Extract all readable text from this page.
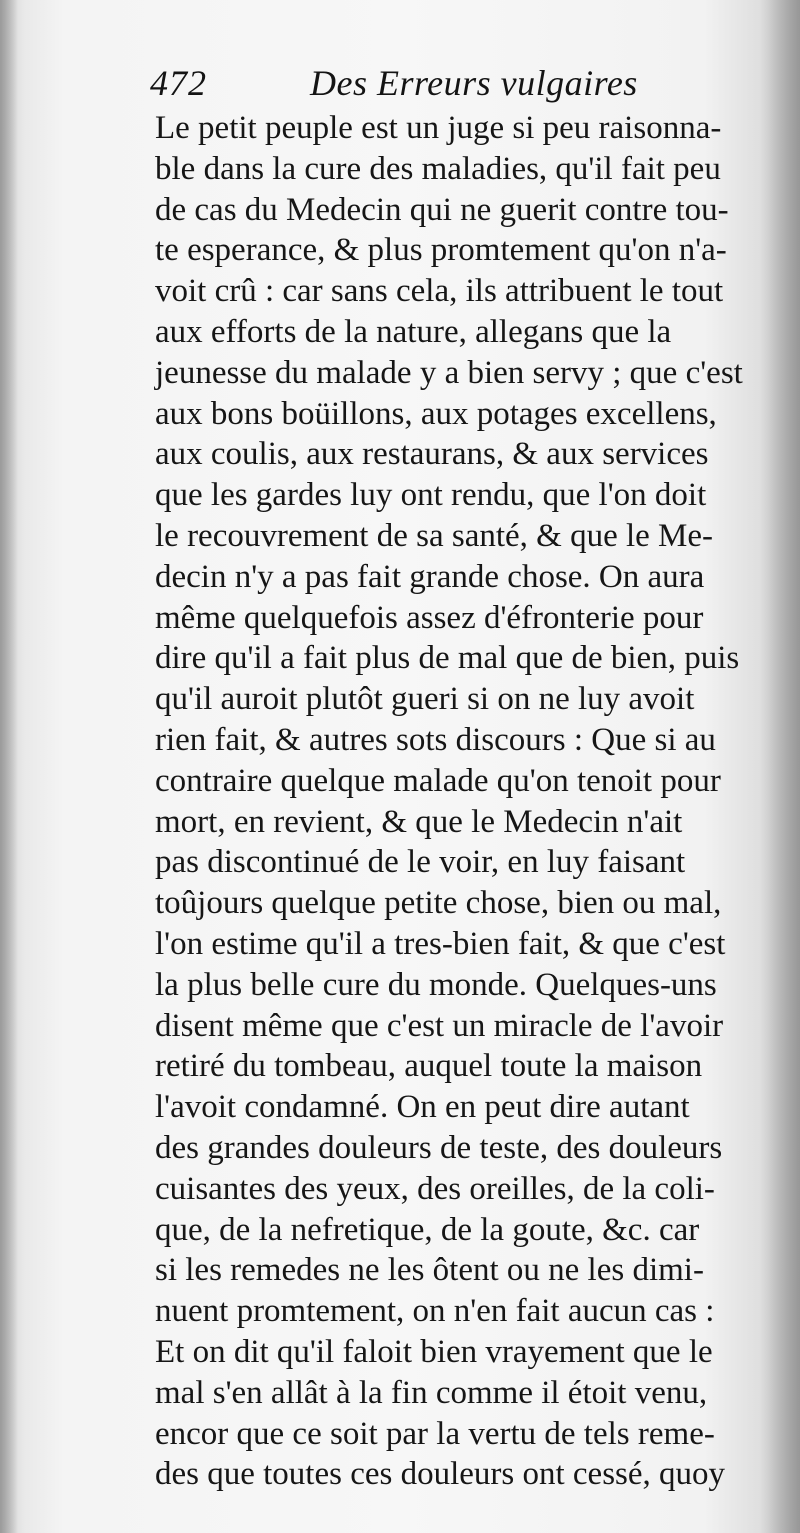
472	Des Erreurs vulgaires
Le petit peuple est un juge si peu raisonna-
ble dans la cure des maladies, qu'il fait peu
de cas du Medecin qui ne guerit contre tou-
te esperance, & plus promtement qu'on n'a-
voit crû : car sans cela, ils attribuent le tout
aux efforts de la nature, allegans que la
jeunesse du malade y a bien servy ; que c'est
aux bons boüillons, aux potages excellens,
aux coulis, aux restaurans, & aux services
que les gardes luy ont rendu, que l'on doit
le recouvrement de sa santé, & que le Me-
decin n'y a pas fait grande chose. On aura
même quelquefois assez d'éfronterie pour
dire qu'il a fait plus de mal que de bien, puis
qu'il auroit plutôt gueri si on ne luy avoit
rien fait, & autres sots discours : Que si au
contraire quelque malade qu'on tenoit pour
mort, en revient, & que le Medecin n'ait
pas discontinué de le voir, en luy faisant
toûjours quelque petite chose, bien ou mal,
l'on estime qu'il a tres-bien fait, & que c'est
la plus belle cure du monde. Quelques-uns
disent même que c'est un miracle de l'avoir
retiré du tombeau, auquel toute la maison
l'avoit condamné. On en peut dire autant
des grandes douleurs de teste, des douleurs
cuisantes des yeux, des oreilles, de la coli-
que, de la nefretique, de la goute, &c. car
si les remedes ne les ôtent ou ne les dimi-
nuent promtement, on n'en fait aucun cas :
Et on dit qu'il faloit bien vrayement que le
mal s'en allât à la fin comme il étoit venu,
encor que ce soit par la vertu de tels reme-
des que toutes ces douleurs ont cessé, quoy
